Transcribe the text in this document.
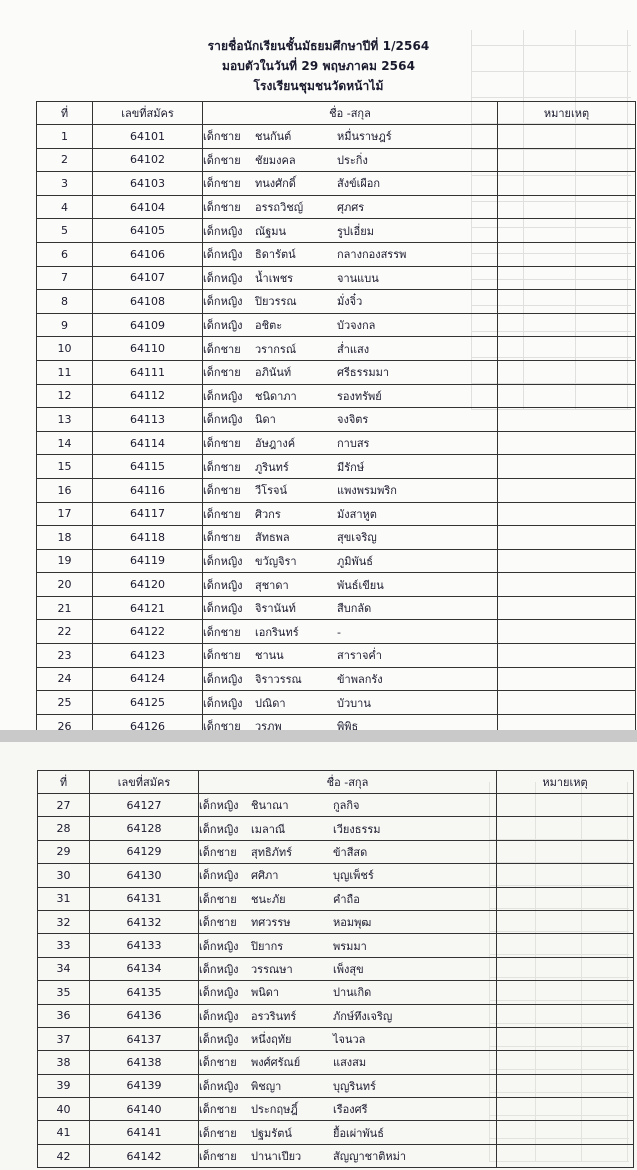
รายชื่อนักเรียนชั้นมัธยมศึกษาปีที่ 1/2564
มอบตัวในวันที่ 29 พฤษภาคม 2564
โรงเรียนชุมชนวัดหน้าไม้
ที่	เลขที่สมัคร	ชื่อ -สกุล	หมายเหตุ
1	64101	เด็กชาย ชนกันต์ หมื่นราษฎร์	
2	64102	เด็กชาย ชัยมงคล ประกิ่ง	
3	64103	เด็กชาย ทนงศักดิ์ สังข์เผือก	
4	64104	เด็กชาย อรรถวิชญ์ ศุภศร	
5	64105	เด็กหญิง ณัฐมน รูปเอี่ยม	
6	64106	เด็กหญิง ธิดารัตน์ กลางกองสรรพ	
7	64107	เด็กหญิง น้ำเพชร จานแบน	
8	64108	เด็กหญิง ปิยวรรณ มั่งจิ๋ว	
9	64109	เด็กหญิง อชิตะ บัวจงกล	
10	64110	เด็กชาย วรากรณ์ ส่ำแสง	
11	64111	เด็กชาย อภินันท์ ศรีธรรมมา	
12	64112	เด็กหญิง ชนิดาภา รองทรัพย์	
13	64113	เด็กหญิง นิดา จงจิตร	
14	64114	เด็กชาย อัษฎางค์ กาบสร	
15	64115	เด็กชาย ภูรินทร์ มีรักษ์	
16	64116	เด็กชาย วีโรจน์ แพงพรมพริก	
17	64117	เด็กชาย ศิวกร มังสาหูต	
18	64118	เด็กชาย สัทธพล สุขเจริญ	
19	64119	เด็กหญิง ขวัญจิรา ภูมิพันธ์	
20	64120	เด็กหญิง สุชาดา พันธ์เขียน	
21	64121	เด็กหญิง จิรานันท์ สืบกลัด	
22	64122	เด็กชาย เอกรินทร์ -	
23	64123	เด็กชาย ชานน สาราจค่ำ	
24	64124	เด็กหญิง จิราวรรณ ข้าพลกรัง	
25	64125	เด็กหญิง ปณิดา บัวบาน	
26	64126	เด็กชาย วรภพ พิพิธ	
ที่	เลขที่สมัคร	ชื่อ -สกุล	หมายเหตุ
27	64127	เด็กหญิง ชินาณา กูลกิจ	
28	64128	เด็กหญิง เมลาณี เวียงธรรม	
29	64129	เด็กชาย สุทธิภัทร์ ข้าสีสด	
30	64130	เด็กหญิง ศศิภา บุญเพ็ชร์	
31	64131	เด็กชาย ชนะภัย คำถือ	
32	64132	เด็กชาย ทศวรรษ หอมพุฒ	
33	64133	เด็กหญิง ปิยากร พรมมา	
34	64134	เด็กหญิง วรรณษา เพ็งสุข	
35	64135	เด็กหญิง พนิดา ปานเกิด	
36	64136	เด็กหญิง อรวรินทร์ ภักษ์ทึงเจริญ	
37	64137	เด็กหญิง หนึ่งฤทัย ไจนวล	
38	64138	เด็กชาย พงศ์ศรัณย์ แสงสม	
39	64139	เด็กหญิง พิชญา บุญรินทร์	
40	64140	เด็กชาย ประกฤษฎิ์ เรืองศรี	
41	64141	เด็กชาย ปฐมรัตน์ ยื้อเผ่าพันธ์	
42	64142	เด็กชาย ปานาเปียว สัญญาชาติหม่า	
